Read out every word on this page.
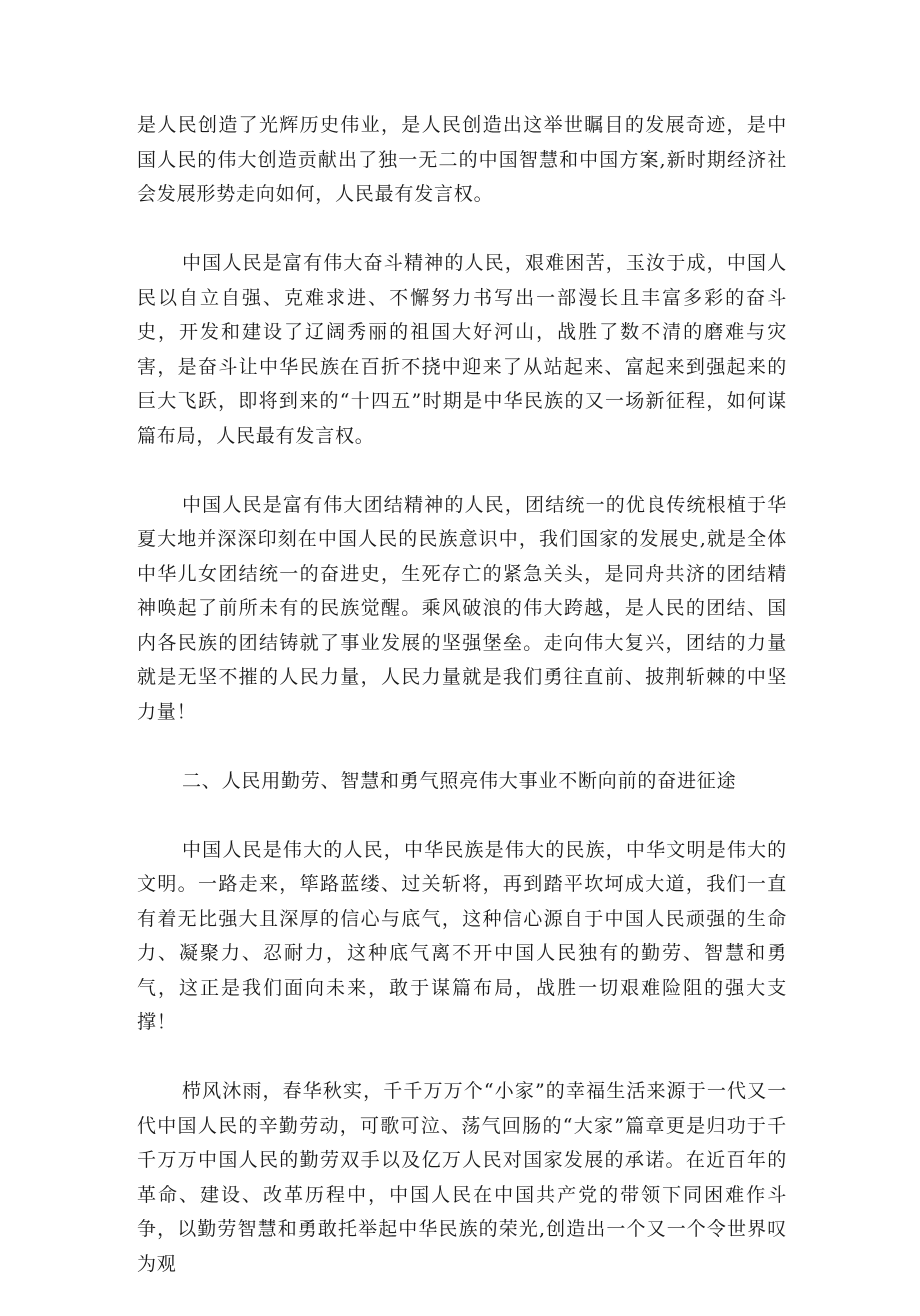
是人民创造了光辉历史伟业，是人民创造出这举世瞩目的发展奇迹，是中国人民的伟大创造贡献出了独一无二的中国智慧和中国方案,新时期经济社会发展形势走向如何，人民最有发言权。

中国人民是富有伟大奋斗精神的人民，艰难困苦，玉汝于成，中国人民以自立自强、克难求进、不懈努力书写出一部漫长且丰富多彩的奋斗史，开发和建设了辽阔秀丽的祖国大好河山，战胜了数不清的磨难与灾害，是奋斗让中华民族在百折不挠中迎来了从站起来、富起来到强起来的巨大飞跃，即将到来的“十四五”时期是中华民族的又一场新征程，如何谋篇布局，人民最有发言权。

中国人民是富有伟大团结精神的人民，团结统一的优良传统根植于华夏大地并深深印刻在中国人民的民族意识中，我们国家的发展史,就是全体中华儿女团结统一的奋进史，生死存亡的紧急关头，是同舟共济的团结精神唤起了前所未有的民族觉醒。乘风破浪的伟大跨越，是人民的团结、国内各民族的团结铸就了事业发展的坚强堡垒。走向伟大复兴，团结的力量就是无坚不摧的人民力量，人民力量就是我们勇往直前、披荆斩棘的中坚力量！

二、人民用勤劳、智慧和勇气照亮伟大事业不断向前的奋进征途

中国人民是伟大的人民，中华民族是伟大的民族，中华文明是伟大的文明。一路走来，筚路蓝缕、过关斩将，再到踏平坎坷成大道，我们一直有着无比强大且深厚的信心与底气，这种信心源自于中国人民顽强的生命力、凝聚力、忍耐力，这种底气离不开中国人民独有的勤劳、智慧和勇气，这正是我们面向未来，敢于谋篇布局，战胜一切艰难险阻的强大支撑！

栉风沐雨，春华秋实，千千万万个“小家”的幸福生活来源于一代又一代中国人民的辛勤劳动，可歌可泣、荡气回肠的“大家”篇章更是归功于千千万万中国人民的勤劳双手以及亿万人民对国家发展的承诺。在近百年的革命、建设、改革历程中，中国人民在中国共产党的带领下同困难作斗争，以勤劳智慧和勇敢托举起中华民族的荣光,创造出一个又一个令世界叹为观
